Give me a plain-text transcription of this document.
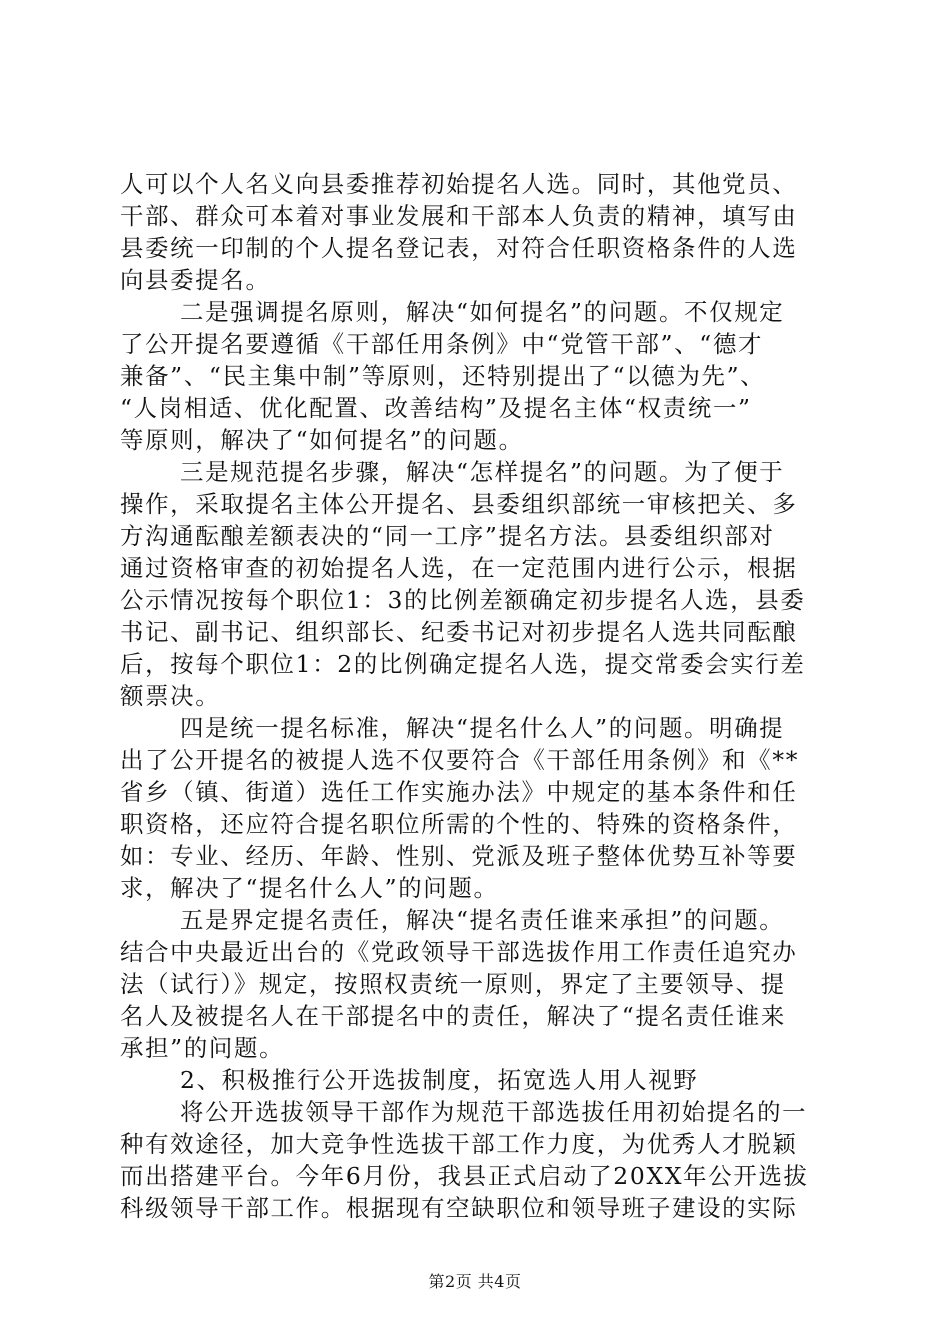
人可以个人名义向县委推荐初始提名人选。同时，其他党员、
干部、群众可本着对事业发展和干部本人负责的精神，填写由
县委统一印制的个人提名登记表，对符合任职资格条件的人选
向县委提名。
二是强调提名原则，解决“如何提名”的问题。不仅规定
了公开提名要遵循《干部任用条例》中“党管干部”、“德才
兼备”、“民主集中制”等原则，还特别提出了“以德为先”、
“人岗相适、优化配置、改善结构”及提名主体“权责统一”
等原则，解决了“如何提名”的问题。
三是规范提名步骤，解决“怎样提名”的问题。为了便于
操作，采取提名主体公开提名、县委组织部统一审核把关、多
方沟通酝酿差额表决的“同一工序”提名方法。县委组织部对
通过资格审查的初始提名人选，在一定范围内进行公示，根据
公示情况按每个职位1：3的比例差额确定初步提名人选，县委
书记、副书记、组织部长、纪委书记对初步提名人选共同酝酿
后，按每个职位1：2的比例确定提名人选，提交常委会实行差
额票决。
四是统一提名标准，解决“提名什么人”的问题。明确提
出了公开提名的被提人选不仅要符合《干部任用条例》和《**
省乡（镇、街道）选任工作实施办法》中规定的基本条件和任
职资格，还应符合提名职位所需的个性的、特殊的资格条件，
如：专业、经历、年龄、性别、党派及班子整体优势互补等要
求，解决了“提名什么人”的问题。
五是界定提名责任，解决“提名责任谁来承担”的问题。
结合中央最近出台的《党政领导干部选拔作用工作责任追究办
法（试行）》规定，按照权责统一原则，界定了主要领导、提
名人及被提名人在干部提名中的责任，解决了“提名责任谁来
承担”的问题。
2、积极推行公开选拔制度，拓宽选人用人视野
将公开选拔领导干部作为规范干部选拔任用初始提名的一
种有效途径，加大竞争性选拔干部工作力度，为优秀人才脱颖
而出搭建平台。今年6月份，我县正式启动了20XX年公开选拔
科级领导干部工作。根据现有空缺职位和领导班子建设的实际
第2页 共4页
